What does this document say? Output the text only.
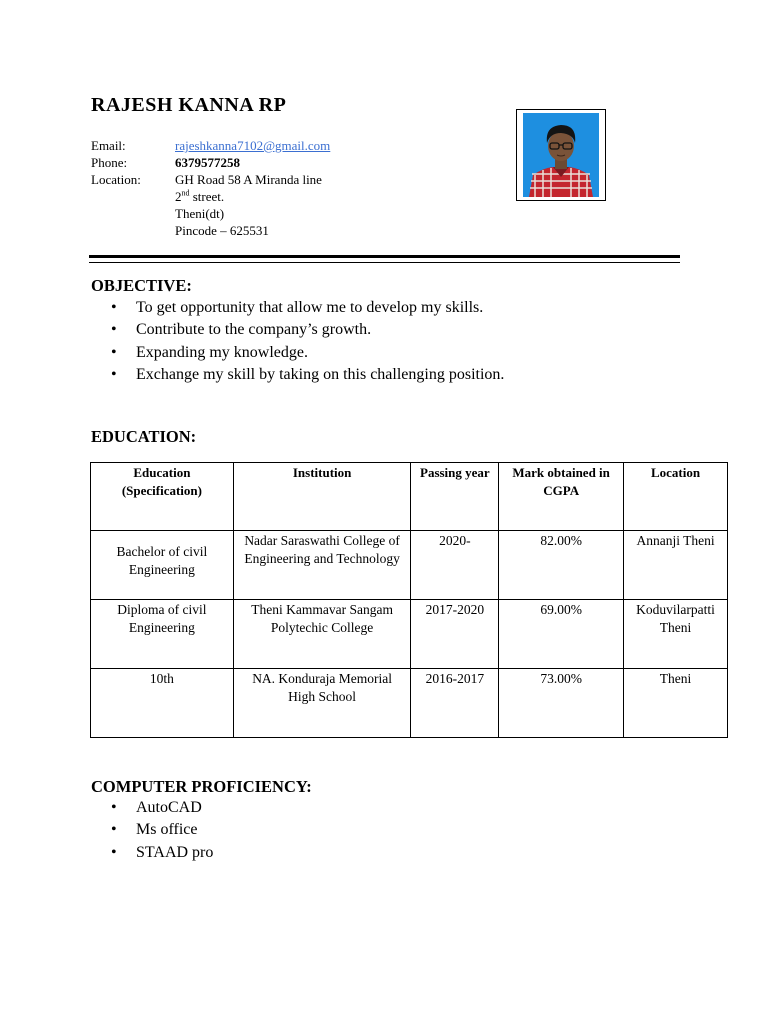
RAJESH KANNA RP
Email:	rajeshkanna7102@gmail.com
Phone:	6379577258
Location:	GH Road 58 A Miranda line
2nd street.
Theni(dt)
Pincode – 625531
OBJECTIVE:
• To get opportunity that allow me to develop my skills.
• Contribute to the company’s growth.
• Expanding my knowledge.
• Exchange my skill by taking on this challenging position.
EDUCATION:
Education (Specification)	Institution	Passing year	Mark obtained in CGPA	Location
Bachelor of civil Engineering	Nadar Saraswathi College of Engineering and Technology	2020-	82.00%	Annanji Theni
Diploma of civil Engineering	Theni Kammavar Sangam Polytechic College	2017-2020	69.00%	Koduvilarpatti Theni
10th	NA. Konduraja Memorial High School	2016-2017	73.00%	Theni
COMPUTER PROFICIENCY:
• AutoCAD
• Ms office
• STAAD pro
